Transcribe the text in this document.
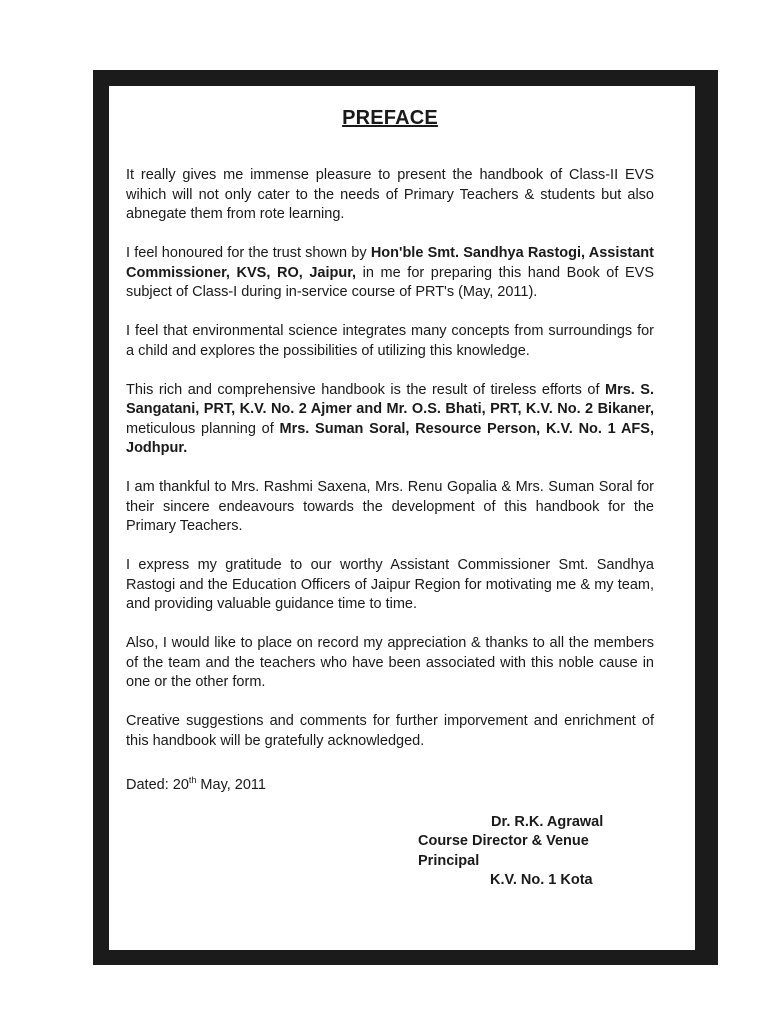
PREFACE

It really gives me immense pleasure to present the handbook of Class-II EVS wihich will not only cater to the needs of Primary Teachers & students but also abnegate them from rote learning.

I feel honoured for the trust shown by Hon'ble Smt. Sandhya Rastogi, Assistant Commissioner, KVS, RO, Jaipur, in me for preparing this hand Book of EVS subject of Class-I during in-service course of PRT's (May, 2011).

I feel that environmental science integrates many concepts from surroundings for a child and explores the possibilities of utilizing this knowledge.

This rich and comprehensive handbook is the result of tireless efforts of Mrs. S. Sangatani, PRT, K.V. No. 2 Ajmer and Mr. O.S. Bhati, PRT, K.V. No. 2 Bikaner, meticulous planning of Mrs. Suman Soral, Resource Person, K.V. No. 1 AFS, Jodhpur.

I am thankful to Mrs. Rashmi Saxena, Mrs. Renu Gopalia & Mrs. Suman Soral for their sincere endeavours towards the development of this handbook for the Primary Teachers.

I express my gratitude to our worthy Assistant Commissioner Smt. Sandhya Rastogi and the Education Officers of Jaipur Region for motivating me & my team, and providing valuable guidance time to time.

Also, I would like to place on record my appreciation & thanks to all the members of the team and the teachers who have been associated with this noble cause in one or the other form.

Creative suggestions and comments for further imporvement and enrichment of this handbook will be gratefully acknowledged.

Dated: 20th May, 2011
Dr. R.K. Agrawal
Course Director & Venue Principal
K.V. No. 1 Kota
